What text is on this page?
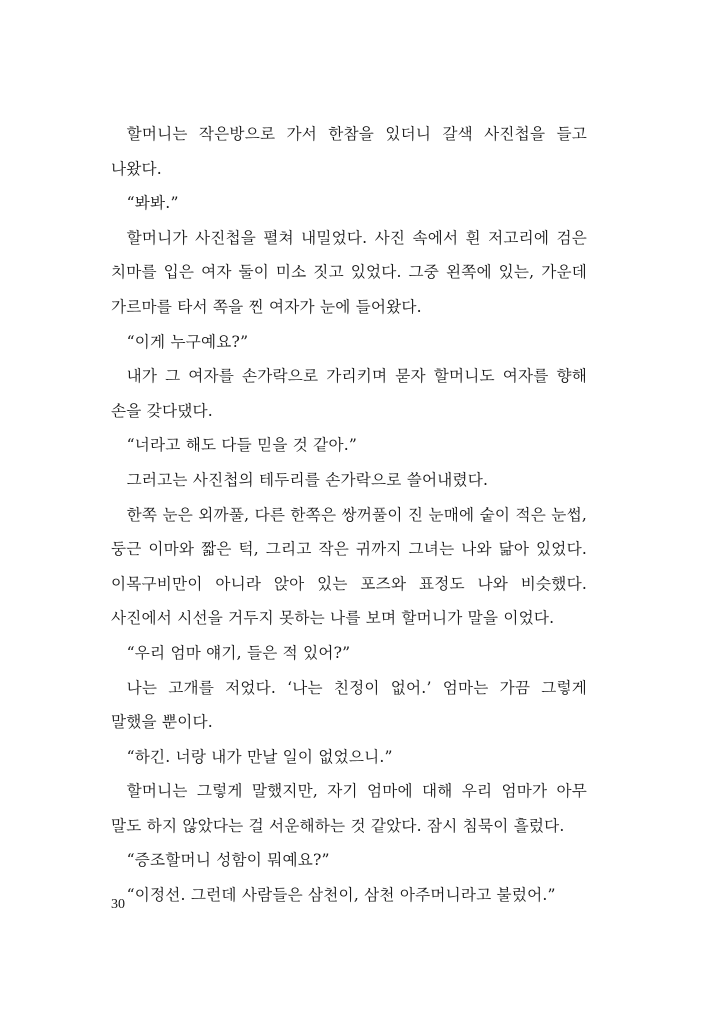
할머니는 작은방으로 가서 한참을 있더니 갈색 사진첩을 들고 나왔다.

“봐봐.”

할머니가 사진첩을 펼쳐 내밀었다. 사진 속에서 흰 저고리에 검은 치마를 입은 여자 둘이 미소 짓고 있었다. 그중 왼쪽에 있는, 가운데 가르마를 타서 쪽을 찐 여자가 눈에 들어왔다.

“이게 누구예요?”

내가 그 여자를 손가락으로 가리키며 묻자 할머니도 여자를 향해 손을 갖다댔다.

“너라고 해도 다들 믿을 것 같아.”

그러고는 사진첩의 테두리를 손가락으로 쓸어내렸다.

한쪽 눈은 외까풀, 다른 한쪽은 쌍꺼풀이 진 눈매에 숱이 적은 눈썹, 둥근 이마와 짧은 턱, 그리고 작은 귀까지 그녀는 나와 닮아 있었다. 이목구비만이 아니라 앉아 있는 포즈와 표정도 나와 비슷했다. 사진에서 시선을 거두지 못하는 나를 보며 할머니가 말을 이었다.

“우리 엄마 얘기, 들은 적 있어?”

나는 고개를 저었다. ‘나는 친정이 없어.’ 엄마는 가끔 그렇게 말했을 뿐이다.

“하긴. 너랑 내가 만날 일이 없었으니.”

할머니는 그렇게 말했지만, 자기 엄마에 대해 우리 엄마가 아무 말도 하지 않았다는 걸 서운해하는 것 같았다. 잠시 침묵이 흘렀다.

“증조할머니 성함이 뭐예요?”

“이정선. 그런데 사람들은 삼천이, 삼천 아주머니라고 불렀어.”

30
